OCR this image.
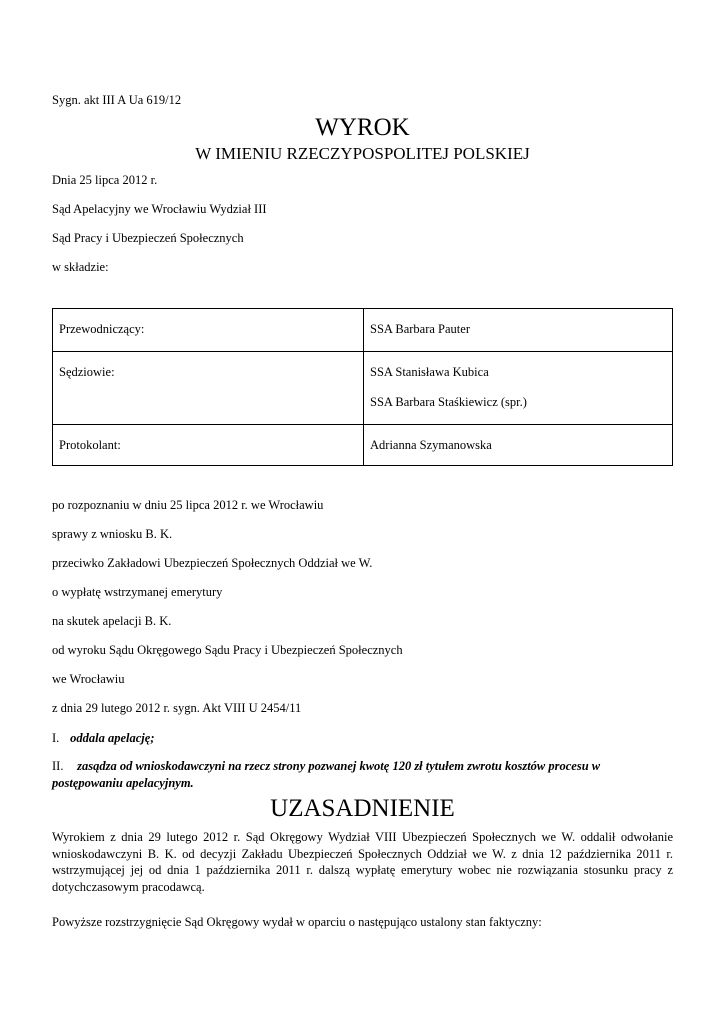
Sygn. akt III A Ua 619/12
WYROK
W IMIENIU RZECZYPOSPOLITEJ POLSKIEJ
Dnia 25 lipca 2012 r.
Sąd Apelacyjny we Wrocławiu Wydział III
Sąd Pracy i Ubezpieczeń Społecznych
w składzie:
Przewodniczący:	SSA Barbara Pauter

Sędziowie:	SSA Stanisława Kubica
SSA Barbara Staśkiewicz (spr.)

Protokolant:	Adrianna Szymanowska
po rozpoznaniu w dniu 25 lipca 2012 r. we Wrocławiu
sprawy z wniosku B. K.
przeciwko Zakładowi Ubezpieczeń Społecznych Oddział we W.
o wypłatę wstrzymanej emerytury
na skutek apelacji B. K.
od wyroku Sądu Okręgowego Sądu Pracy i Ubezpieczeń Społecznych
we Wrocławiu
z dnia 29 lutego 2012 r. sygn. Akt VIII U 2454/11
I. oddala apelację;
II. zasądza od wnioskodawczyni na rzecz strony pozwanej kwotę 120 zł tytułem zwrotu kosztów procesu w postępowaniu apelacyjnym.
UZASADNIENIE
Wyrokiem z dnia 29 lutego 2012 r. Sąd Okręgowy Wydział VIII Ubezpieczeń Społecznych we W. oddalił odwołanie wnioskodawczyni B. K. od decyzji Zakładu Ubezpieczeń Społecznych Oddział we W. z dnia 12 października 2011 r. wstrzymującej jej od dnia 1 października 2011 r. dalszą wypłatę emerytury wobec nie rozwiązania stosunku pracy z dotychczasowym pracodawcą.
Powyższe rozstrzygnięcie Sąd Okręgowy wydał w oparciu o następująco ustalony stan faktyczny:
